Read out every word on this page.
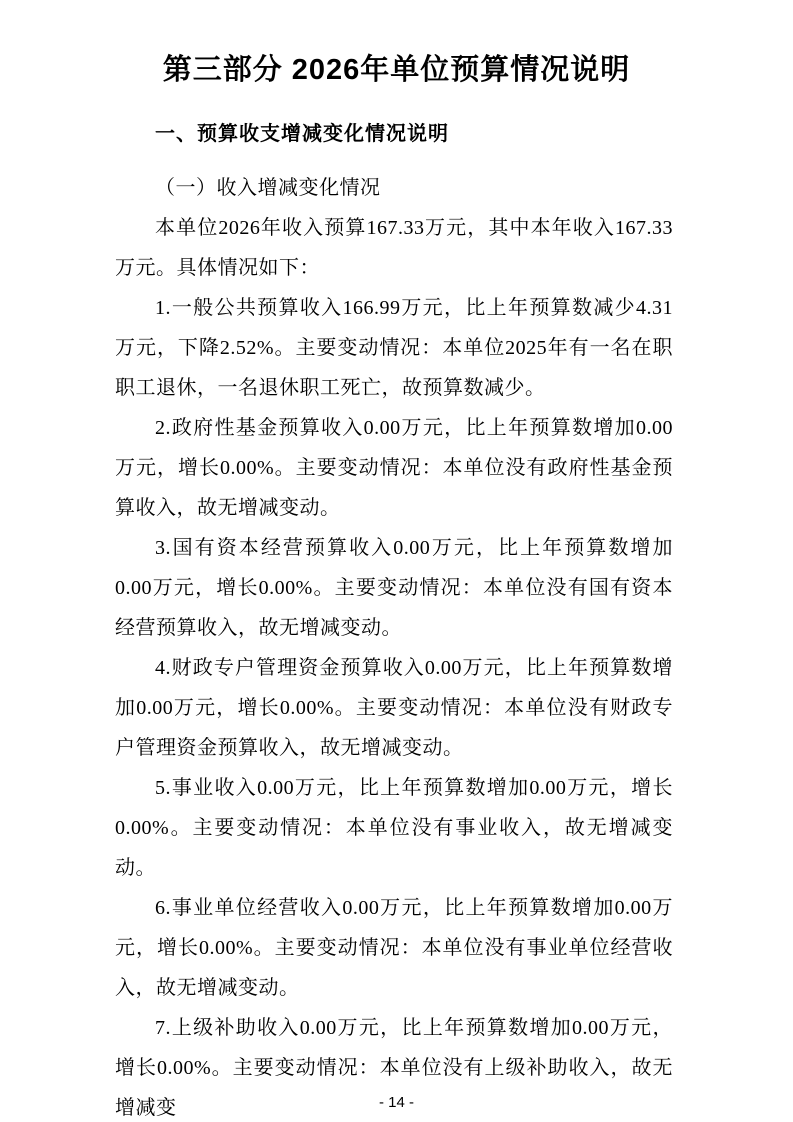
第三部分 2026年单位预算情况说明
一、预算收支增减变化情况说明

（一）收入增减变化情况

本单位2026年收入预算167.33万元，其中本年收入167.33万元。具体情况如下：

1.一般公共预算收入166.99万元，比上年预算数减少4.31万元，下降2.52%。主要变动情况：本单位2025年有一名在职职工退休，一名退休职工死亡，故预算数减少。

2.政府性基金预算收入0.00万元，比上年预算数增加0.00万元，增长0.00%。主要变动情况：本单位没有政府性基金预算收入，故无增减变动。

3.国有资本经营预算收入0.00万元，比上年预算数增加0.00万元，增长0.00%。主要变动情况：本单位没有国有资本经营预算收入，故无增减变动。

4.财政专户管理资金预算收入0.00万元，比上年预算数增加0.00万元，增长0.00%。主要变动情况：本单位没有财政专户管理资金预算收入，故无增减变动。

5.事业收入0.00万元，比上年预算数增加0.00万元，增长0.00%。主要变动情况：本单位没有事业收入，故无增减变动。

6.事业单位经营收入0.00万元，比上年预算数增加0.00万元，增长0.00%。主要变动情况：本单位没有事业单位经营收入，故无增减变动。

7.上级补助收入0.00万元，比上年预算数增加0.00万元，增长0.00%。主要变动情况：本单位没有上级补助收入，故无增减变	- 14 -
